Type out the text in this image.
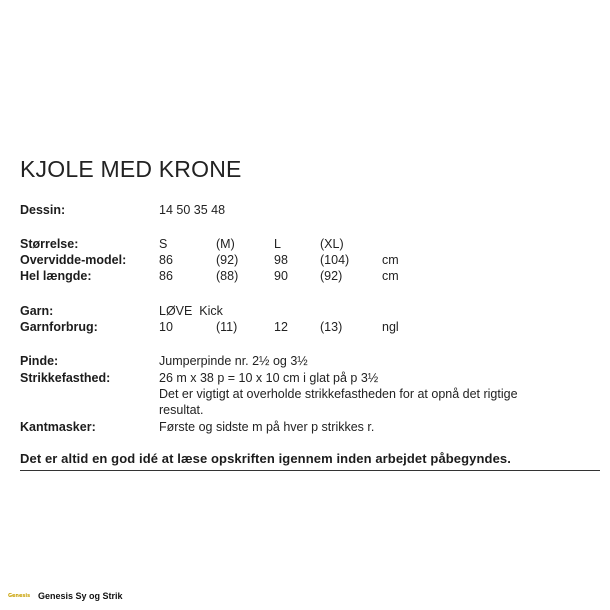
KJOLE MED KRONE
Dessin:	14 50 35 48
Størrelse:	S	(M)	L	(XL)
Overvidde-model:	86	(92)	98	(104)	cm
Hel længde:	86	(88)	90	(92)	cm
Garn:	LØVE  Kick
Garnforbrug:	10	(11)	12	(13)	ngl
Pinde:	Jumperpinde nr. 2½ og 3½
Strikkefasthed:	26 m x 38 p = 10 x 10 cm i glat på p 3½
Det er vigtigt at overholde strikkefastheden for at opnå det rigtige
resultat.
Kantmasker:	Første og sidste m på hver p strikkes r.
Det er altid en god idé at læse opskriften igennem inden arbejdet påbegyndes.
Genesis Genesis Sy og Strik
